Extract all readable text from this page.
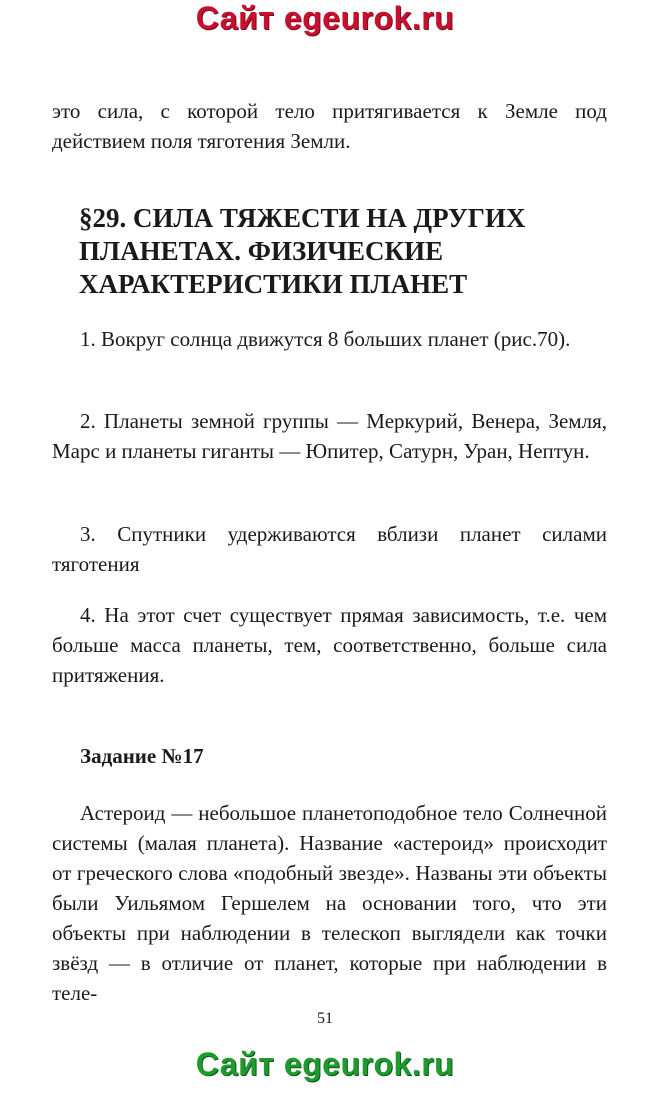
Сайт egeurok.ru
это сила, с которой тело притягивается к Земле под действием поля тяготения Земли.
§29. СИЛА ТЯЖЕСТИ НА ДРУГИХ
ПЛАНЕТАХ. ФИЗИЧЕСКИЕ
ХАРАКТЕРИСТИКИ ПЛАНЕТ
1. Вокруг солнца движутся 8 больших планет (рис.70).
2. Планеты земной группы — Меркурий, Венера, Земля, Марс и планеты гиганты — Юпитер, Сатурн, Уран, Нептун.
3. Спутники удерживаются вблизи планет силами тяготения
4. На этот счет существует прямая зависимость, т.е. чем больше масса планеты, тем, соответственно, больше сила притяжения.
Задание №17
Астероид — небольшое планетоподобное тело Солнечной системы (малая планета). Название «астероид» происходит от греческого слова «подобный звезде». Названы эти объекты были Уильямом Гершелем на основании того, что эти объекты при наблюдении в телескоп выглядели как точки звёзд — в отличие от планет, которые при наблюдении в теле-
51
Сайт egeurok.ru
